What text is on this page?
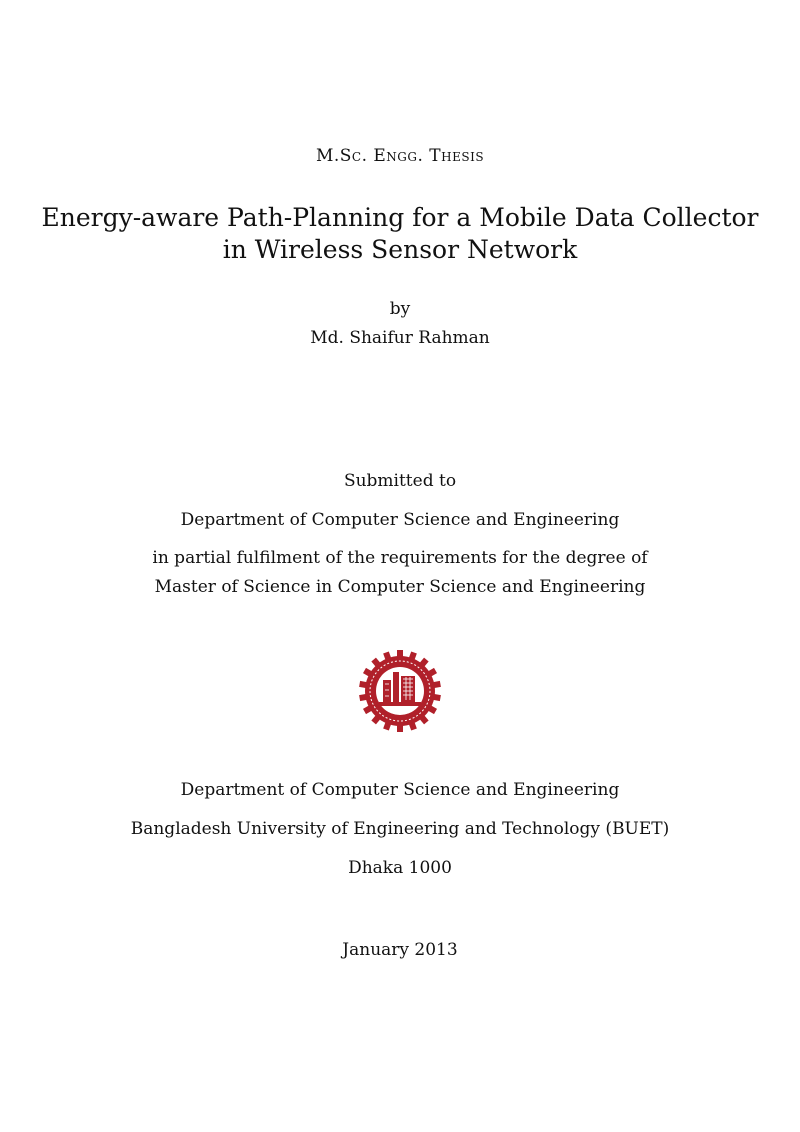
M.Sc. Engg. Thesis
Energy-aware Path-Planning for a Mobile Data Collector
in Wireless Sensor Network
by
Md. Shaifur Rahman
Submitted to
Department of Computer Science and Engineering
in partial fulfilment of the requirements for the degree of
Master of Science in Computer Science and Engineering
Department of Computer Science and Engineering
Bangladesh University of Engineering and Technology (BUET)
Dhaka 1000
January 2013
